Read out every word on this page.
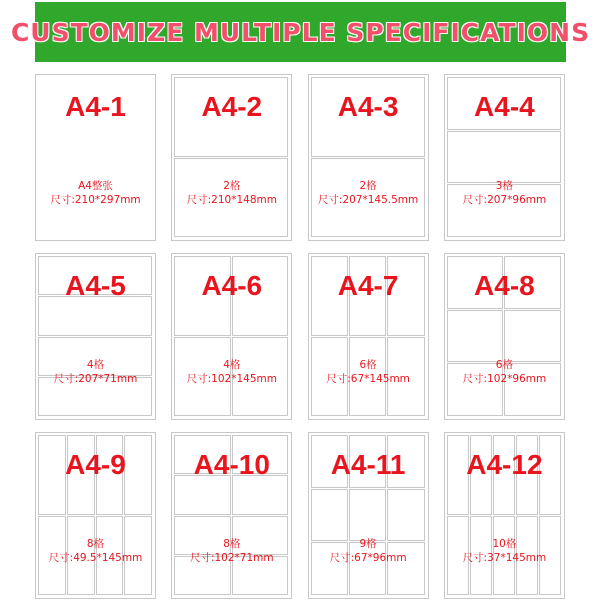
CUSTOMIZE MULTIPLE SPECIFICATIONS
A4-1
A4整张
尺寸:210*297mm
A4-2
2格
尺寸:210*148mm
A4-3
2格
尺寸:207*145.5mm
A4-4
3格
尺寸:207*96mm
A4-5
4格
尺寸:207*71mm
A4-6
4格
尺寸:102*145mm
A4-7
6格
尺寸:67*145mm
A4-8
6格
尺寸:102*96mm
A4-9
8格
尺寸:49.5*145mm
A4-10
8格
尺寸:102*71mm
A4-11
9格
尺寸:67*96mm
A4-12
10格
尺寸:37*145mm
